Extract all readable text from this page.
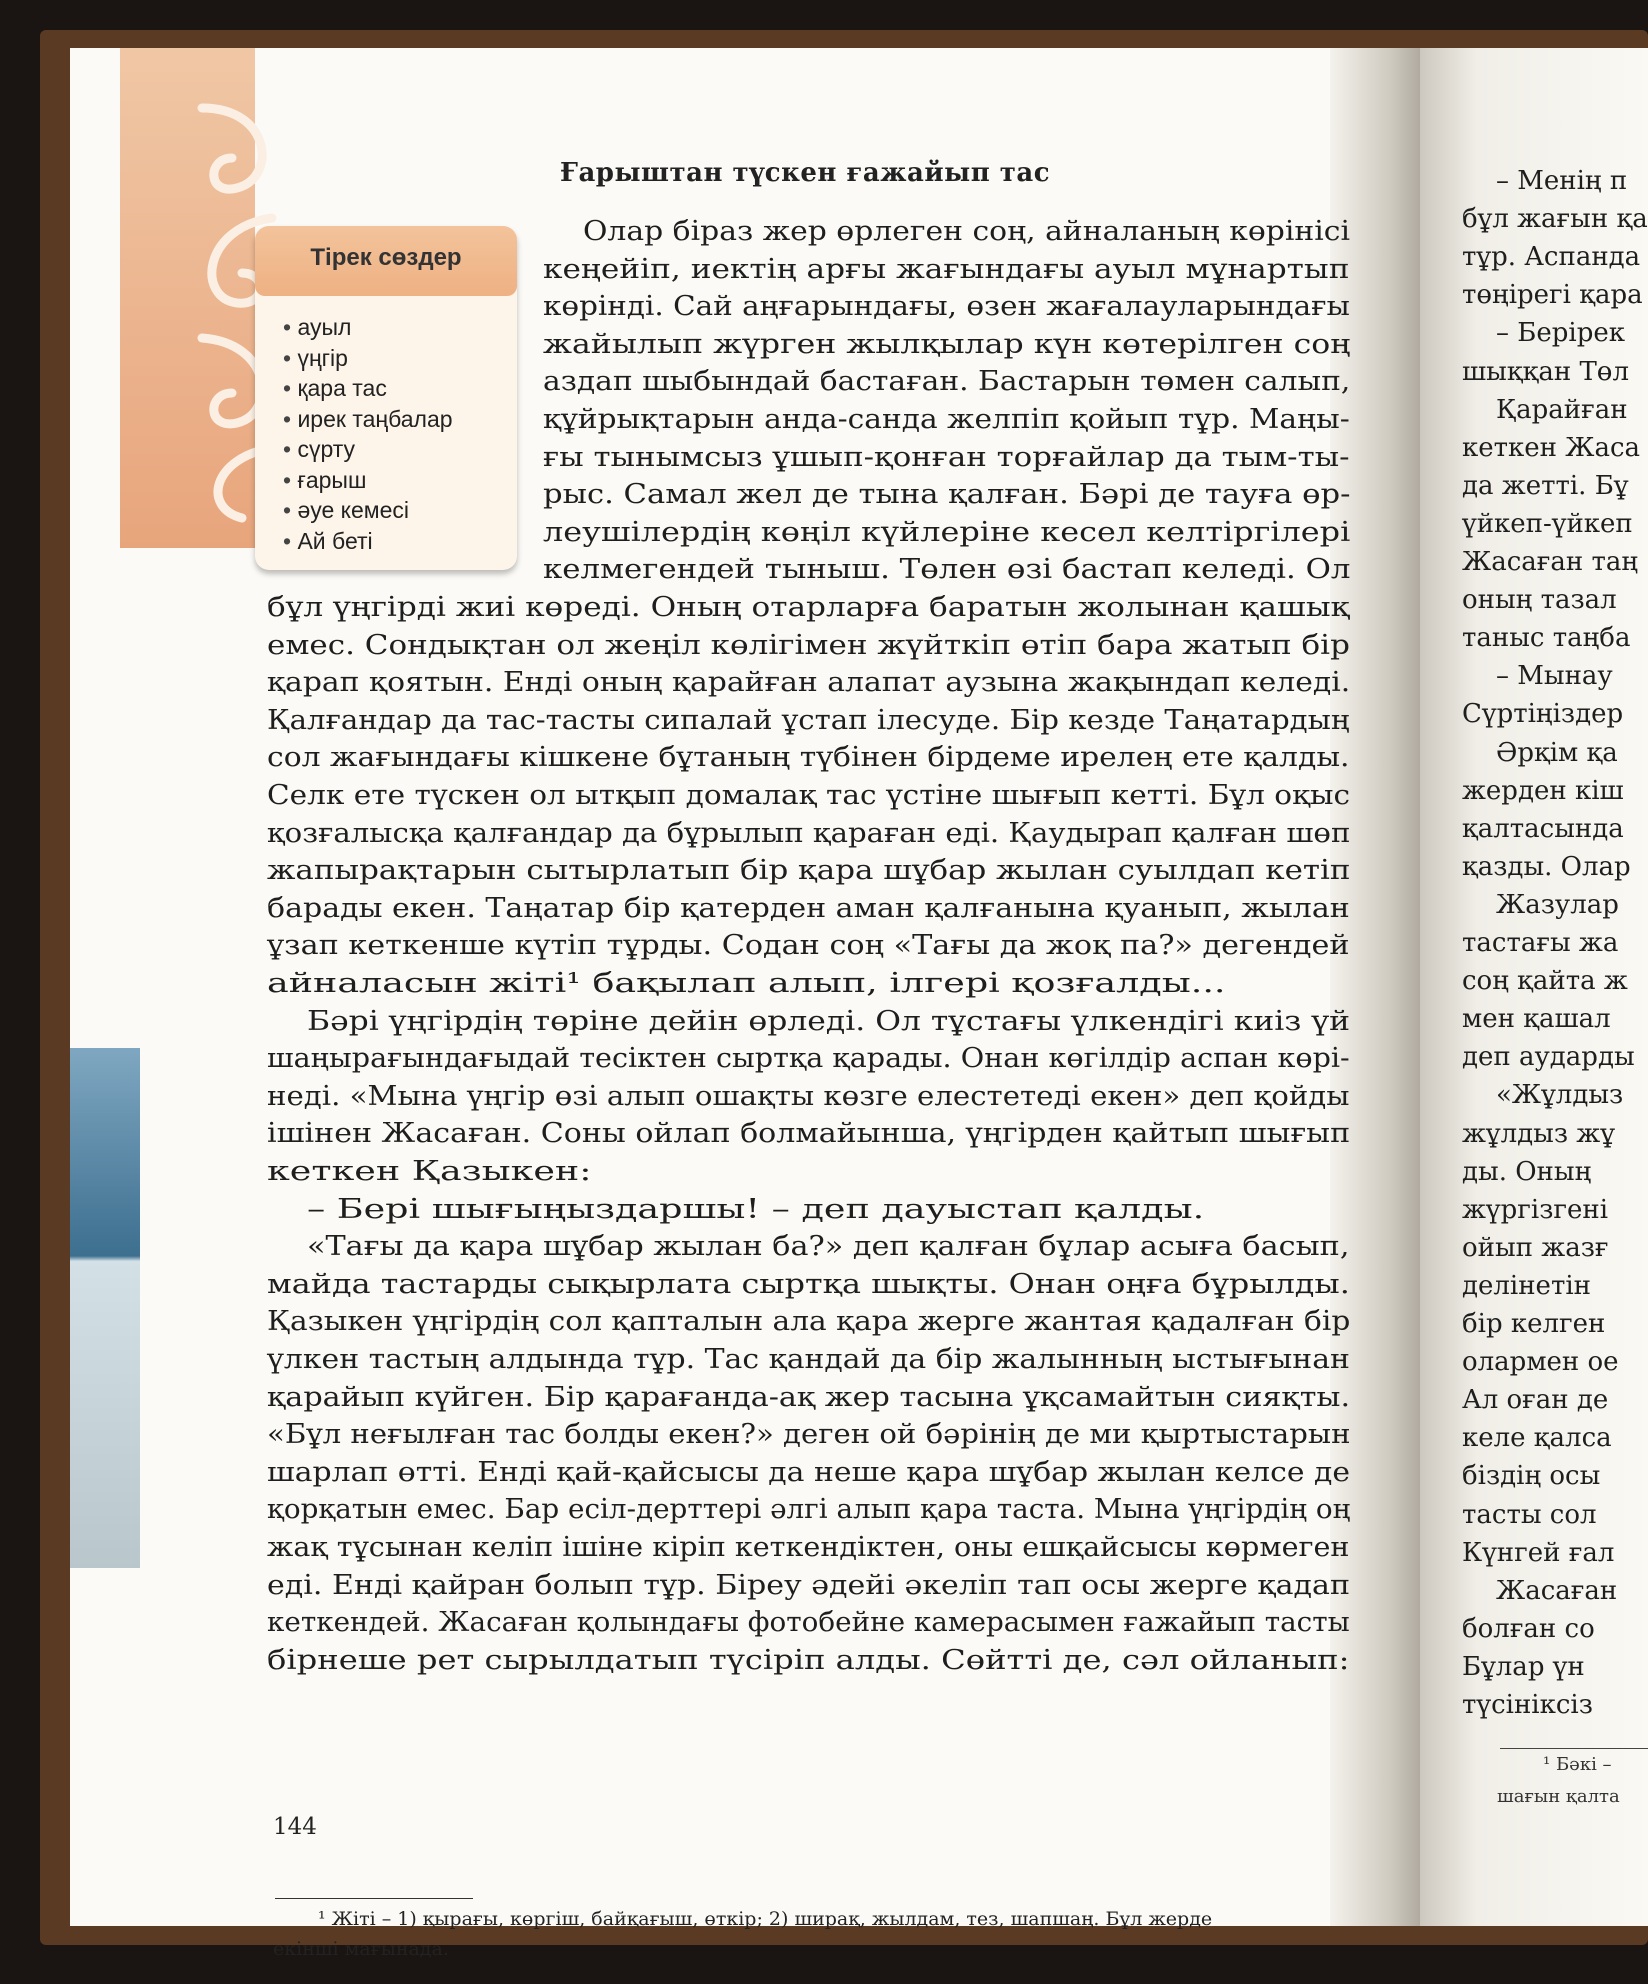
Ғарыштан түскен ғажайып тас
Тірек сөздер
• ауыл
• үңгір
• қара тас
• ирек таңбалар
• сүрту
• ғарыш
• әуе кемесі
• Ай беті
Олар біраз жер өрлеген соң, айналаның көрінісі
кеңейіп, иектің арғы жағындағы ауыл мұнартып
көрінді. Сай аңғарындағы, өзен жағалауларындағы
жайылып жүрген жылқылар күн көтерілген соң
аздап шыбындай бастаған. Бастарын төмен салып,
құйрықтарын анда-санда желпіп қойып тұр. Маңы-
ғы тынымсыз ұшып-қонған торғайлар да тым-ты-
рыс. Самал жел де тына қалған. Бәрі де тауға өр-
леушілердің көңіл күйлеріне кесел келтіргілері
келмегендей тыныш. Төлен өзі бастап келеді. Ол
бұл үңгірді жиі көреді. Оның отарларға баратын жолынан қашық
емес. Сондықтан ол жеңіл көлігімен жүйткіп өтіп бара жатып бір
қарап қоятын. Енді оның қарайған алапат аузына жақындап келеді.
Қалғандар да тас-тасты сипалай ұстап ілесуде. Бір кезде Таңатардың
сол жағындағы кішкене бұтаның түбінен бірдеме ирелең ете қалды.
Селк ете түскен ол ытқып домалақ тас үстіне шығып кетті. Бұл оқыс
қозғалысқа қалғандар да бұрылып қараған еді. Қаудырап қалған шөп
жапырақтарын сытырлатып бір қара шұбар жылан суылдап кетіп
барады екен. Таңатар бір қатерден аман қалғанына қуанып, жылан
ұзап кеткенше күтіп тұрды. Содан соң «Тағы да жоқ па?» дегендей
айналасын жіті¹ бақылап алып, ілгері қозғалды...
Бәрі үңгірдің төріне дейін өрледі. Ол тұстағы үлкендігі киіз үй
шаңырағындағыдай тесіктен сыртқа қарады. Онан көгілдір аспан көрі-
неді. «Мына үңгір өзі алып ошақты көзге елестетеді екен» деп қойды
ішінен Жасаған. Соны ойлап болмайынша, үңгірден қайтып шығып
кеткен Қазыкен:
– Бері шығыңыздаршы! – деп дауыстап қалды.
«Тағы да қара шұбар жылан ба?» деп қалған бұлар асыға басып,
майда тастарды сықырлата сыртқа шықты. Онан оңға бұрылды.
Қазыкен үңгірдің сол қапталын ала қара жерге жантая қадалған бір
үлкен тастың алдында тұр. Тас қандай да бір жалынның ыстығынан
қарайып күйген. Бір қарағанда-ақ жер тасына ұқсамайтын сияқты.
«Бұл неғылған тас болды екен?» деген ой бәрінің де ми қыртыстарын
шарлап өтті. Енді қай-қайсысы да неше қара шұбар жылан келсе де
қорқатын емес. Бар есіл-дерттері әлгі алып қара таста. Мына үңгірдің оң
жақ тұсынан келіп ішіне кіріп кеткендіктен, оны ешқайсысы көрмеген
еді. Енді қайран болып тұр. Біреу әдейі әкеліп тап осы жерге қадап
кеткендей. Жасаған қолындағы фотобейне камерасымен ғажайып тасты
бірнеше рет сырылдатып түсіріп алды. Сөйтті де, сәл ойланып:
¹ Жіті – 1) қырағы, көргіш, байқағыш, өткір; 2) ширақ, жылдам, тез, шапшаң. Бұл жерде
екінші мағынада.
144
– Менің п
бұл жағын қа
тұр. Аспанда
төңірегі қара
– Берірек
шыққан Төл
Қарайған
кеткен Жаса
да жетті. Бұ
үйкеп-үйкеп
Жасаған таң
оның тазал
таныс таңба
– Мынау
Сүртіңіздер
Әрқім қа
жерден кіш
қалтасында
қазды. Олар
Жазулар
тастағы жа
соң қайта ж
мен қашал
деп аударды
«Жұлдыз
жұлдыз жұ
ды. Оның
жүргізгені
ойып жазғ
делінетін
бір келген
олармен ое
Ал оған де
келе қалса
біздің осы
тасты сол
Күнгей ғал
Жасаған
болған со
Бұлар үн
түсініксіз
¹ Бәкі –
шағын қалта
